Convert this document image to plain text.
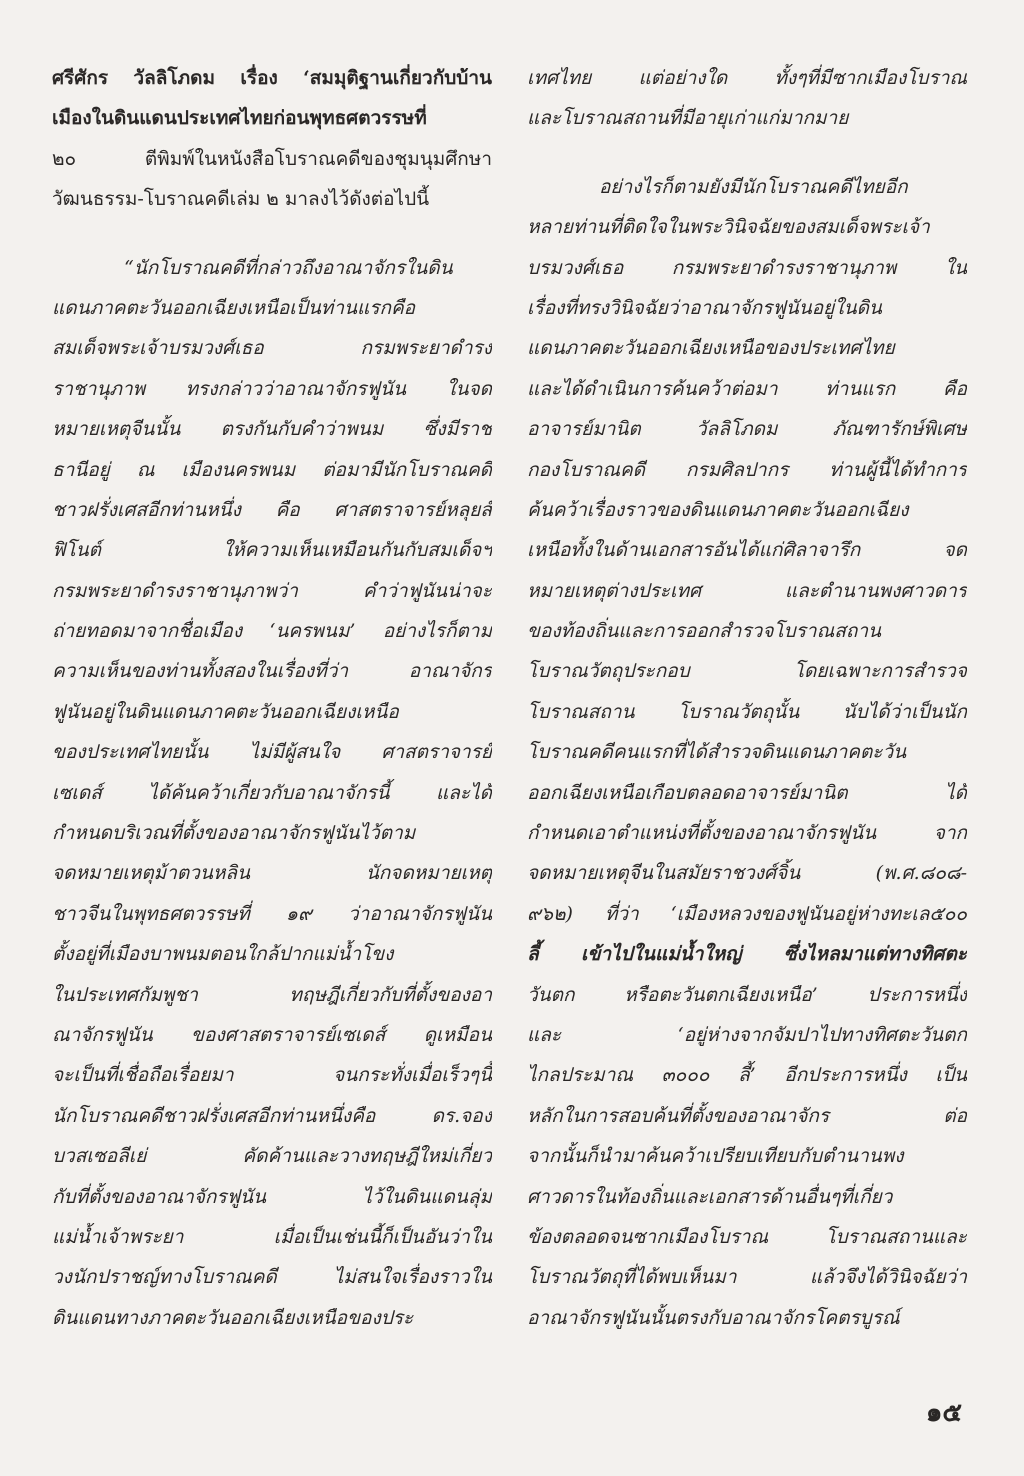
ศรีศักร วัลลิโภดม เรื่อง ‘สมมุติฐานเกี่ยวกับบ้าน
เมืองในดินแดนประเทศไทยก่อนพุทธศตวรรษที่
๒๐ ตีพิมพ์ในหนังสือโบราณคดีของชุมนุมศึกษา
วัฒนธรรม-โบราณคดีเล่ม ๒ มาลงไว้ดังต่อไปนี้
“นักโบราณคดีที่กล่าวถึงอาณาจักรในดิน
แดนภาคตะวันออกเฉียงเหนือเป็นท่านแรกคือ
สมเด็จพระเจ้าบรมวงศ์เธอ กรมพระยาดำรง
ราชานุภาพ ทรงกล่าวว่าอาณาจักรฟูนัน ในจด
หมายเหตุจีนนั้น ตรงกันกับคำว่าพนม ซึ่งมีราช
ธานีอยู่ ณ เมืองนครพนม ต่อมามีนักโบราณคดี
ชาวฝรั่งเศสอีกท่านหนึ่ง คือ ศาสตราจารย์หลุยส์
ฟิโนต์ ให้ความเห็นเหมือนกันกับสมเด็จฯ
กรมพระยาดำรงราชานุภาพว่า คำว่าฟูนันน่าจะ
ถ่ายทอดมาจากชื่อเมือง ‘นครพนม’ อย่างไรก็ตาม
ความเห็นของท่านทั้งสองในเรื่องที่ว่า อาณาจักร
ฟูนันอยู่ในดินแดนภาคตะวันออกเฉียงเหนือ
ของประเทศไทยนั้น ไม่มีผู้สนใจ ศาสตราจารย์
เซเดส์ ได้ค้นคว้าเกี่ยวกับอาณาจักรนี้ และได้
กำหนดบริเวณที่ตั้งของอาณาจักรฟูนันไว้ตาม
จดหมายเหตุม้าตวนหลิน นักจดหมายเหตุ
ชาวจีนในพุทธศตวรรษที่ ๑๙ ว่าอาณาจักรฟูนัน
ตั้งอยู่ที่เมืองบาพนมตอนใกล้ปากแม่น้ำโขง
ในประเทศกัมพูชา ทฤษฎีเกี่ยวกับที่ตั้งของอา
ณาจักรฟูนัน ของศาสตราจารย์เซเดส์ ดูเหมือน
จะเป็นที่เชื่อถือเรื่อยมา จนกระทั่งเมื่อเร็วๆนี้
นักโบราณคดีชาวฝรั่งเศสอีกท่านหนึ่งคือ ดร.จอง
บวสเซอลีเย่ คัดค้านและวางทฤษฎีใหม่เกี่ยว
กับที่ตั้งของอาณาจักรฟูนัน ไว้ในดินแดนลุ่ม
แม่น้ำเจ้าพระยา เมื่อเป็นเช่นนี้ก็เป็นอันว่าใน
วงนักปราชญ์ทางโบราณคดี ไม่สนใจเรื่องราวใน
ดินแดนทางภาคตะวันออกเฉียงเหนือของประ
เทศไทย แต่อย่างใด ทั้งๆที่มีซากเมืองโบราณ
และโบราณสถานที่มีอายุเก่าแก่มากมาย
อย่างไรก็ตามยังมีนักโบราณคดีไทยอีก
หลายท่านที่ติดใจในพระวินิจฉัยของสมเด็จพระเจ้า
บรมวงศ์เธอ กรมพระยาดำรงราชานุภาพ ใน
เรื่องที่ทรงวินิจฉัยว่าอาณาจักรฟูนันอยู่ในดิน
แดนภาคตะวันออกเฉียงเหนือของประเทศไทย
และได้ดำเนินการค้นคว้าต่อมา ท่านแรก คือ
อาจารย์มานิต วัลลิโภดม ภัณฑารักษ์พิเศษ
กองโบราณคดี กรมศิลปากร ท่านผู้นี้ได้ทำการ
ค้นคว้าเรื่องราวของดินแดนภาคตะวันออกเฉียง
เหนือทั้งในด้านเอกสารอันได้แก่ศิลาจารึก จด
หมายเหตุต่างประเทศ และตำนานพงศาวดาร
ของท้องถิ่นและการออกสำรวจโบราณสถาน
โบราณวัตถุประกอบ โดยเฉพาะการสำรวจ
โบราณสถาน โบราณวัตถุนั้น นับได้ว่าเป็นนัก
โบราณคดีคนแรกที่ได้สำรวจดินแดนภาคตะวัน
ออกเฉียงเหนือเกือบตลอดอาจารย์มานิต ได้
กำหนดเอาตำแหน่งที่ตั้งของอาณาจักรฟูนัน จาก
จดหมายเหตุจีนในสมัยราชวงศ์จิ้น (พ.ศ.๘๐๘-
๙๖๒) ที่ว่า ‘เมืองหลวงของฟูนันอยู่ห่างทะเล๕๐๐
ลี้ เข้าไปในแม่น้ำใหญ่ ซึ่งไหลมาแต่ทางทิศตะ
วันตก หรือตะวันตกเฉียงเหนือ’ ประการหนึ่ง
และ ‘อยู่ห่างจากจัมปาไปทางทิศตะวันตก
ไกลประมาณ ๓๐๐๐ ลี้’ อีกประการหนึ่ง เป็น
หลักในการสอบค้นที่ตั้งของอาณาจักร ต่อ
จากนั้นก็นำมาค้นคว้าเปรียบเทียบกับตำนานพง
ศาวดารในท้องถิ่นและเอกสารด้านอื่นๆที่เกี่ยว
ข้องตลอดจนซากเมืองโบราณ โบราณสถานและ
โบราณวัตถุที่ได้พบเห็นมา แล้วจึงได้วินิจฉัยว่า
อาณาจักรฟูนันนั้นตรงกับอาณาจักรโคตรบูรณ์
๑๕
